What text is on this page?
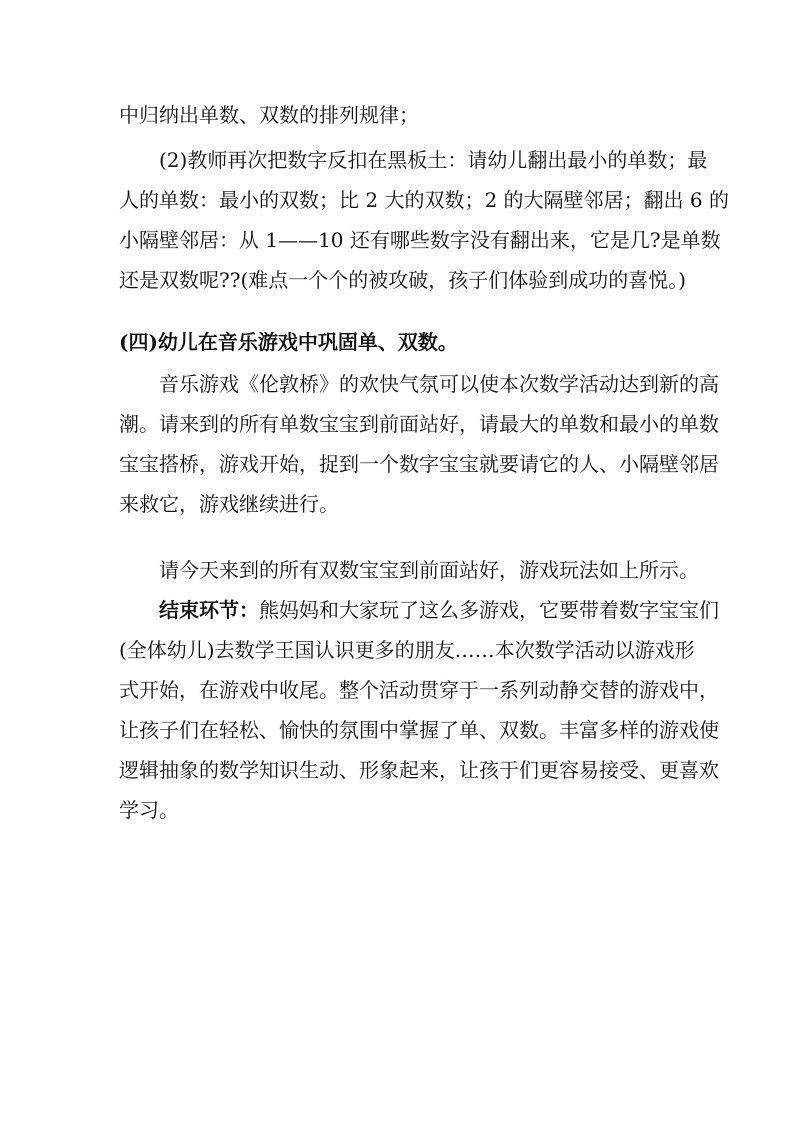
中归纳出单数、双数的排列规律；
(2)教师再次把数字反扣在黑板土：请幼儿翻出最小的单数；最
人的单数：最小的双数；比 2 大的双数；2 的大隔壁邻居；翻出 6 的
小隔壁邻居：从 1——10 还有哪些数字没有翻出来，它是几?是单数
还是双数呢??(难点一个个的被攻破，孩子们体验到成功的喜悦。)
(四)幼儿在音乐游戏中巩固单、双数。
音乐游戏《伦敦桥》的欢快气氛可以使本次数学活动达到新的高
潮。请来到的所有单数宝宝到前面站好，请最大的单数和最小的单数
宝宝搭桥，游戏开始，捉到一个数字宝宝就要请它的人、小隔壁邻居
来救它，游戏继续进行。
请今天来到的所有双数宝宝到前面站好，游戏玩法如上所示。
结束环节：熊妈妈和大家玩了这么多游戏，它要带着数字宝宝们
(全体幼儿)去数学王国认识更多的朋友……本次数学活动以游戏形
式开始，在游戏中收尾。整个活动贯穿于一系列动静交替的游戏中，
让孩子们在轻松、愉快的氛围中掌握了单、双数。丰富多样的游戏使
逻辑抽象的数学知识生动、形象起来，让孩于们更容易接受、更喜欢
学习。
